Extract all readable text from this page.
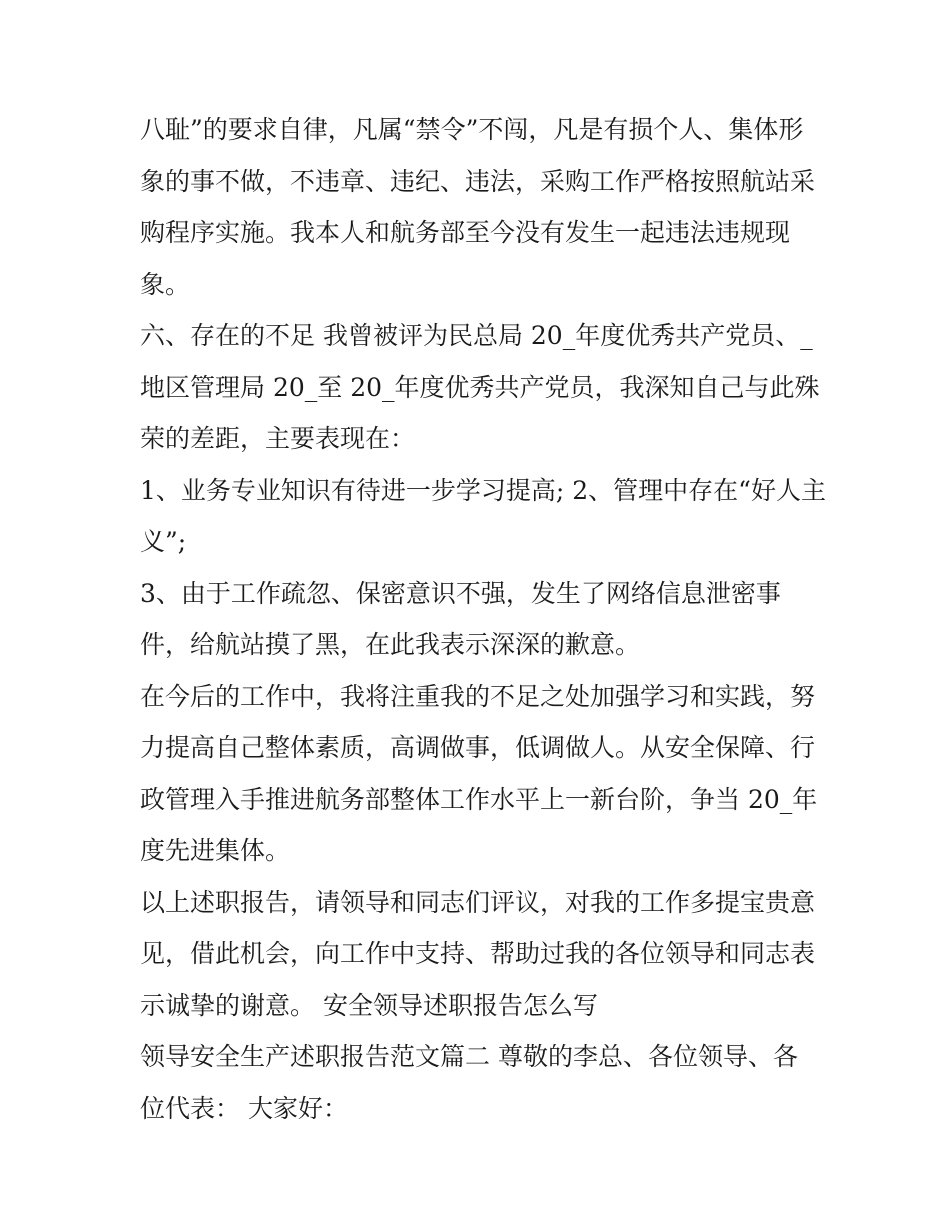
八耻”的要求自律，凡属“禁令”不闯，凡是有损个人、集体形
象的事不做，不违章、违纪、违法，采购工作严格按照航站采
购程序实施。我本人和航务部至今没有发生一起违法违规现
象。
六、存在的不足 我曾被评为民总局 20_年度优秀共产党员、_
地区管理局 20_至 20_年度优秀共产党员，我深知自己与此殊
荣的差距，主要表现在：
1、业务专业知识有待进一步学习提高; 2、管理中存在“好人主
义”;
3、由于工作疏忽、保密意识不强，发生了网络信息泄密事
件，给航站摸了黑，在此我表示深深的歉意。
在今后的工作中，我将注重我的不足之处加强学习和实践，努
力提高自己整体素质，高调做事，低调做人。从安全保障、行
政管理入手推进航务部整体工作水平上一新台阶，争当 20_年
度先进集体。
以上述职报告，请领导和同志们评议，对我的工作多提宝贵意
见，借此机会，向工作中支持、帮助过我的各位领导和同志表
示诚挚的谢意。 安全领导述职报告怎么写
领导安全生产述职报告范文篇二 尊敬的李总、各位领导、各
位代表： 大家好：
